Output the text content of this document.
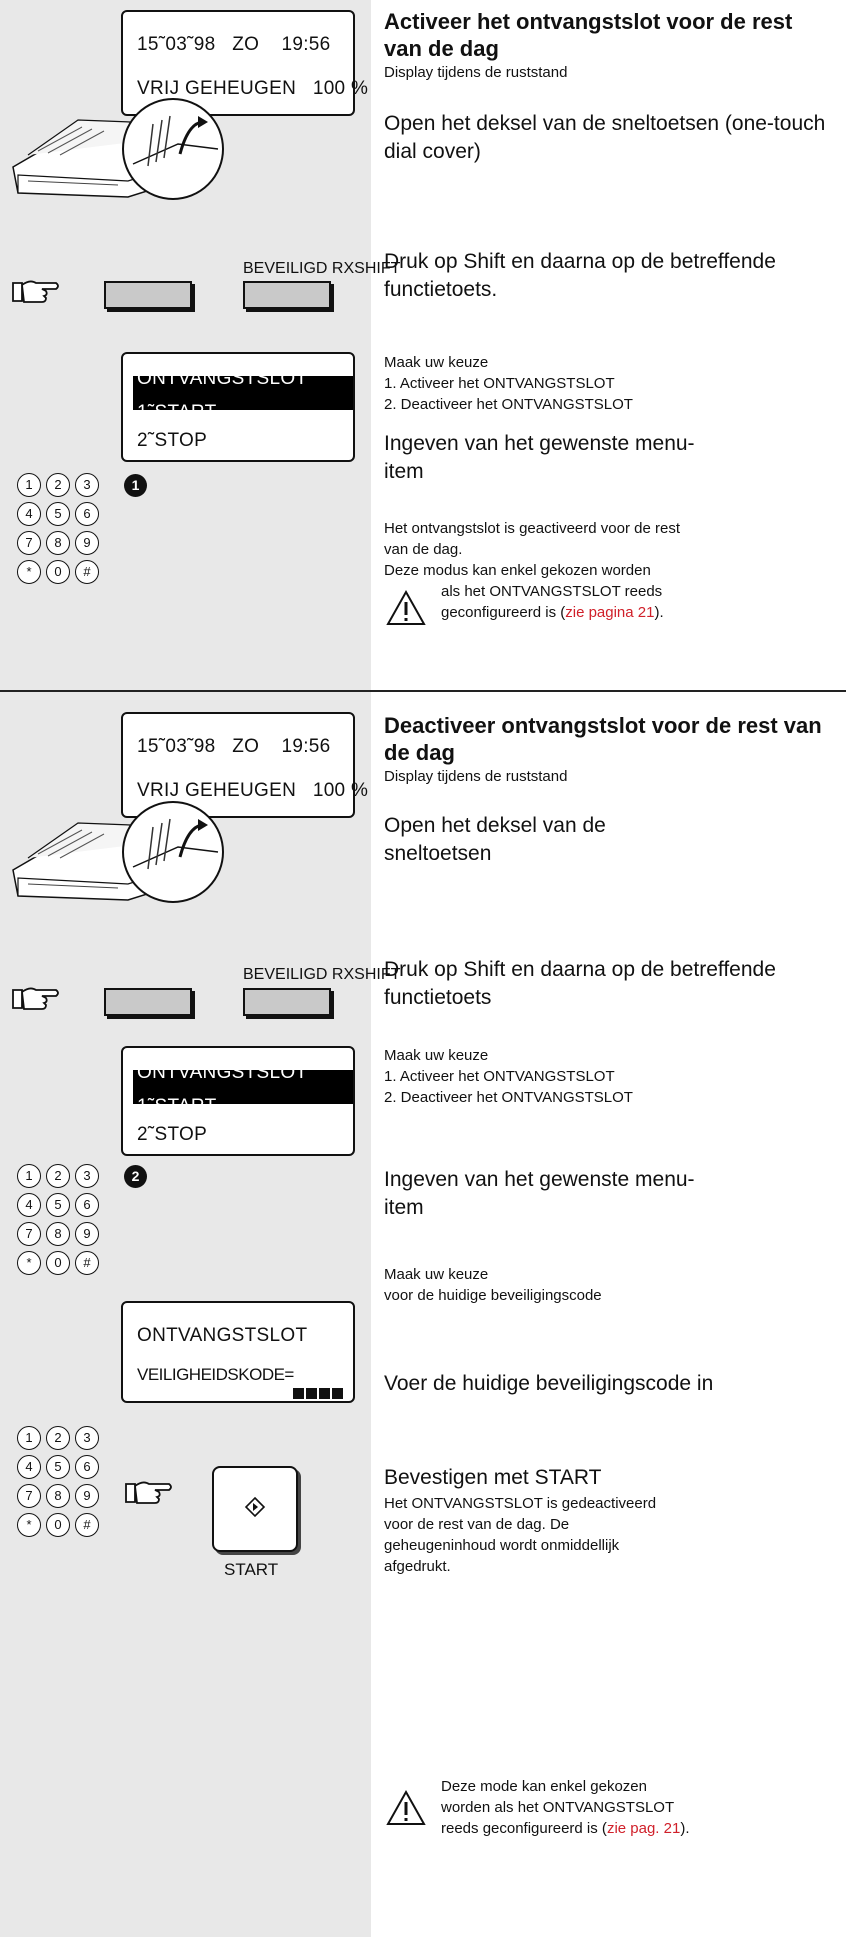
15˜03˜98   ZO    19:56
VRIJ GEHEUGEN   100 %
BEVEILIGD RXSHIFT
ONTVANGSTSLOT
1˜START
2˜STOP
1	2	3
4	5	6
7	8	9
*	0	#
1
Activeer het ontvangstslot voor de rest van de dag
Display tijdens de ruststand
Open het deksel van de sneltoetsen (one-touch dial cover)
Druk op Shift en daarna op de betreffende functietoets.
Maak uw keuze
1. Activeer het ONTVANGSTSLOT
2. Deactiveer het ONTVANGSTSLOT
Ingeven van het gewenste menu-item
Het ontvangstslot is geactiveerd voor de rest van de dag.
Deze modus kan enkel gekozen worden
als het ONTVANGSTSLOT reeds geconfigureerd is (zie pagina 21).
15˜03˜98   ZO    19:56
VRIJ GEHEUGEN   100 %
BEVEILIGD RXSHIFT
ONTVANGSTSLOT
1˜START
2˜STOP
1	2	3
4	5	6
7	8	9
*	0	#
2
ONTVANGSTSLOT
VEILIGHEIDSKODE=
1	2	3
4	5	6
7	8	9
*	0	#
START
Deactiveer ontvangstslot voor de rest van de dag
Display tijdens de ruststand
Open het deksel van de sneltoetsen
Druk op Shift en daarna op de betreffende functietoets
Maak uw keuze
1. Activeer het ONTVANGSTSLOT
2. Deactiveer het ONTVANGSTSLOT
Ingeven van het gewenste menu-item
Maak uw keuze
voor de huidige beveiligingscode
Voer de huidige beveiligingscode in
Bevestigen met START
Het ONTVANGSTSLOT is gedeactiveerd voor de rest van de dag. De geheugeninhoud wordt onmiddellijk afgedrukt.
Deze mode kan enkel gekozen worden als het ONTVANGSTSLOT reeds geconfigureerd is (zie pag. 21).
